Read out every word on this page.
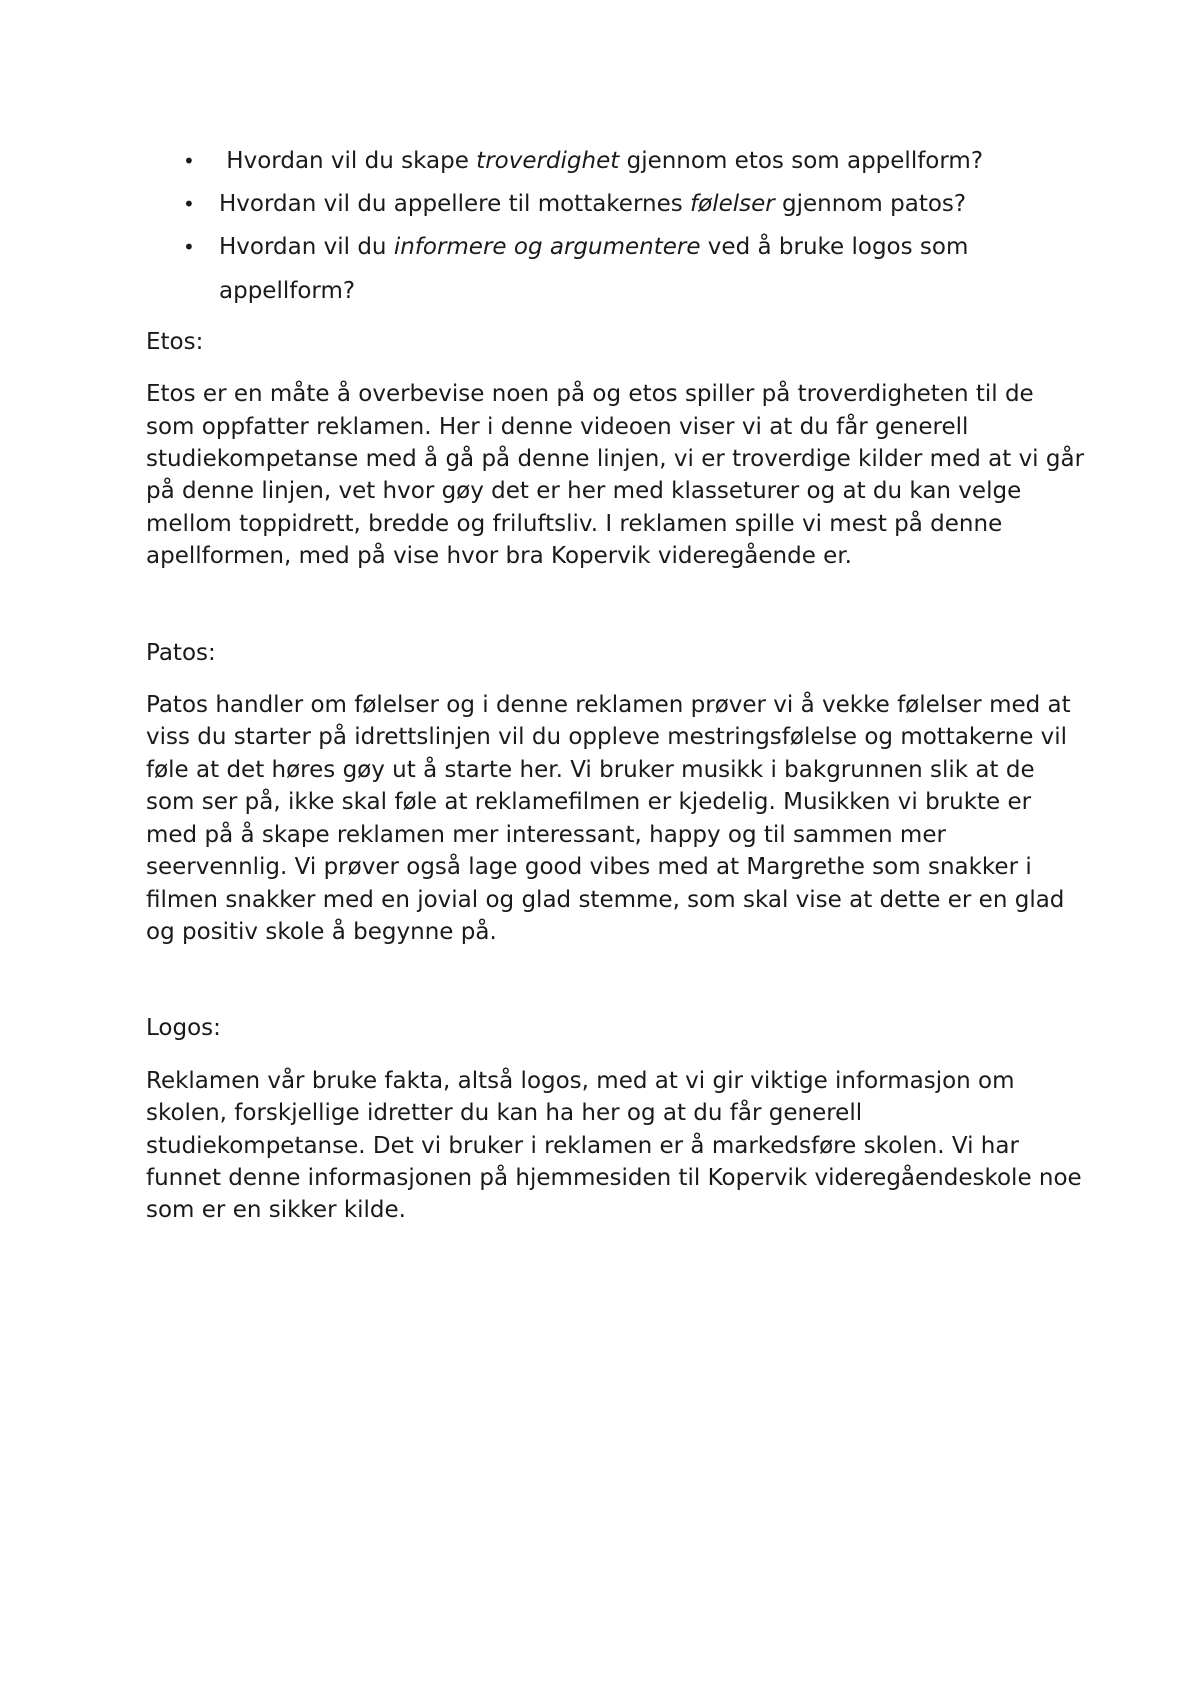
• Hvordan vil du skape troverdighet gjennom etos som appellform?
• Hvordan vil du appellere til mottakernes følelser gjennom patos?
• Hvordan vil du informere og argumentere ved å bruke logos som appellform?

Etos:

Etos er en måte å overbevise noen på og etos spiller på troverdigheten til de som oppfatter reklamen. Her i denne videoen viser vi at du får generell studiekompetanse med å gå på denne linjen, vi er troverdige kilder med at vi går på denne linjen, vet hvor gøy det er her med klasseturer og at du kan velge mellom toppidrett, bredde og friluftsliv. I reklamen spille vi mest på denne apellformen, med på vise hvor bra Kopervik videregående er.

Patos:

Patos handler om følelser og i denne reklamen prøver vi å vekke følelser med at viss du starter på idrettslinjen vil du oppleve mestringsfølelse og mottakerne vil føle at det høres gøy ut å starte her. Vi bruker musikk i bakgrunnen slik at de som ser på, ikke skal føle at reklamefilmen er kjedelig. Musikken vi brukte er med på å skape reklamen mer interessant, happy og til sammen mer seervennlig. Vi prøver også lage good vibes med at Margrethe som snakker i filmen snakker med en jovial og glad stemme, som skal vise at dette er en glad og positiv skole å begynne på.

Logos:

Reklamen vår bruke fakta, altså logos, med at vi gir viktige informasjon om skolen, forskjellige idretter du kan ha her og at du får generell studiekompetanse. Det vi bruker i reklamen er å markedsføre skolen. Vi har funnet denne informasjonen på hjemmesiden til Kopervik videregåendeskole noe som er en sikker kilde.
